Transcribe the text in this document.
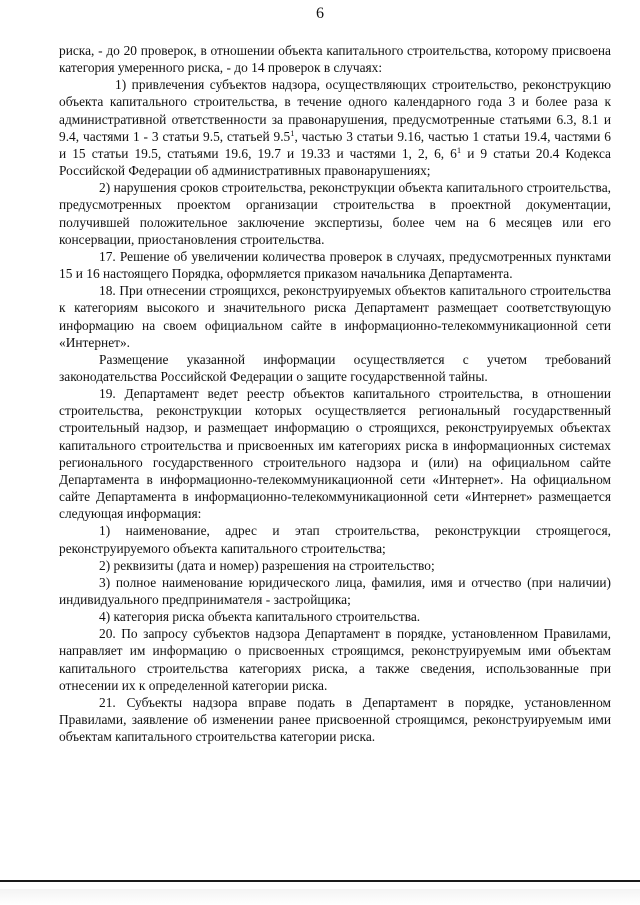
6

риска, - до 20 проверок, в отношении объекта капитального строительства, которому присвоена категория умеренного риска, - до 14 проверок в случаях:

1) привлечения субъектов надзора, осуществляющих строительство, реконструкцию объекта капитального строительства, в течение одного календарного года 3 и более раза к административной ответственности за правонарушения, предусмотренные статьями 6.3, 8.1 и 9.4, частями 1 - 3 статьи 9.5, статьей $9.5^1$, частью 3 статьи 9.16, частью 1 статьи 19.4, частями 6 и 15 статьи 19.5, статьями 19.6, 19.7 и 19.33 и частями 1, 2, 6, $6^1$ и 9 статьи 20.4 Кодекса Российской Федерации об административных правонарушениях;

2) нарушения сроков строительства, реконструкции объекта капитального строительства, предусмотренных проектом организации строительства в проектной документации, получившей положительное заключение экспертизы, более чем на 6 месяцев или его консервации, приостановления строительства.

17. Решение об увеличении количества проверок в случаях, предусмотренных пунктами 15 и 16 настоящего Порядка, оформляется приказом начальника Департамента.

18. При отнесении строящихся, реконструируемых объектов капитального строительства к категориям высокого и значительного риска Департамент размещает соответствующую информацию на своем официальном сайте в информационно-телекоммуникационной сети «Интернет».

Размещение указанной информации осуществляется с учетом требований законодательства Российской Федерации о защите государственной тайны.

19. Департамент ведет реестр объектов капитального строительства, в отношении строительства, реконструкции которых осуществляется региональный государственный строительный надзор, и размещает информацию о строящихся, реконструируемых объектах капитального строительства и присвоенных им категориях риска в информационных системах регионального государственного строительного надзора и (или) на официальном сайте Департамента в информационно-телекоммуникационной сети «Интернет». На официальном сайте Департамента в информационно-телекоммуникационной сети «Интернет» размещается следующая информация:

1) наименование, адрес и этап строительства, реконструкции строящегося, реконструируемого объекта капитального строительства;

2) реквизиты (дата и номер) разрешения на строительство;

3) полное наименование юридического лица, фамилия, имя и отчество (при наличии) индивидуального предпринимателя - застройщика;

4) категория риска объекта капитального строительства.

20. По запросу субъектов надзора Департамент в порядке, установленном Правилами, направляет им информацию о присвоенных строящимся, реконструируемым ими объектам капитального строительства категориях риска, а также сведения, использованные при отнесении их к определенной категории риска.

21. Субъекты надзора вправе подать в Департамент в порядке, установленном Правилами, заявление об изменении ранее присвоенной строящимся, реконструируемым ими объектам капитального строительства категории риска.
